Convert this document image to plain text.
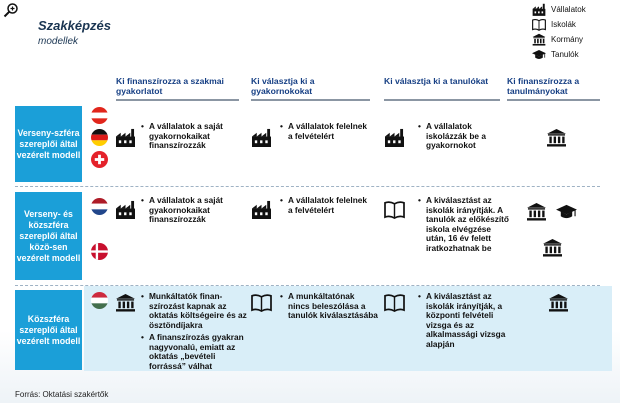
Szakképzés
modellek
Vállalatok
Iskolák
Kormány
Tanulók
Ki finanszírozza a szakmai gyakorlatot
Ki választja ki a gyakornokokat
Ki választja ki a tanulókat	Ki finanszírozza a tanulmányokat
Verseny-szféra szereplői által vezérelt modell
Verseny- és közszféra szereplői által közö-sen vezérelt modell
Közszféra szereplői által vezérelt modell
• A vállalatok a saját gyakornokaikat finanszírozzák
• A vállalatok felelnek a felvételért
• A vállalatok iskolázzák be a gyakornokot
• A vállalatok a saját gyakornokaikat finanszírozzák
• A vállalatok felelnek a felvételért
• A kiválasztást az iskolák irányítják. A tanulók az előkészítő iskola elvégzése után, 16 év felett iratkozhatnak be
• Munkáltatók finan-szírozást kapnak az oktatás költségeire és az ösztöndíjakra
• A finanszírozás gyakran nagyvonalú, emiatt az oktatás „bevételi forrássá” válhat
• A munkáltatónak nincs beleszólása a tanulók kiválasztásába
• A kiválasztást az iskolák irányítják, a központi felvételi vizsga és az alkalmassági vizsga alapján
Forrás: Oktatási szakértők
